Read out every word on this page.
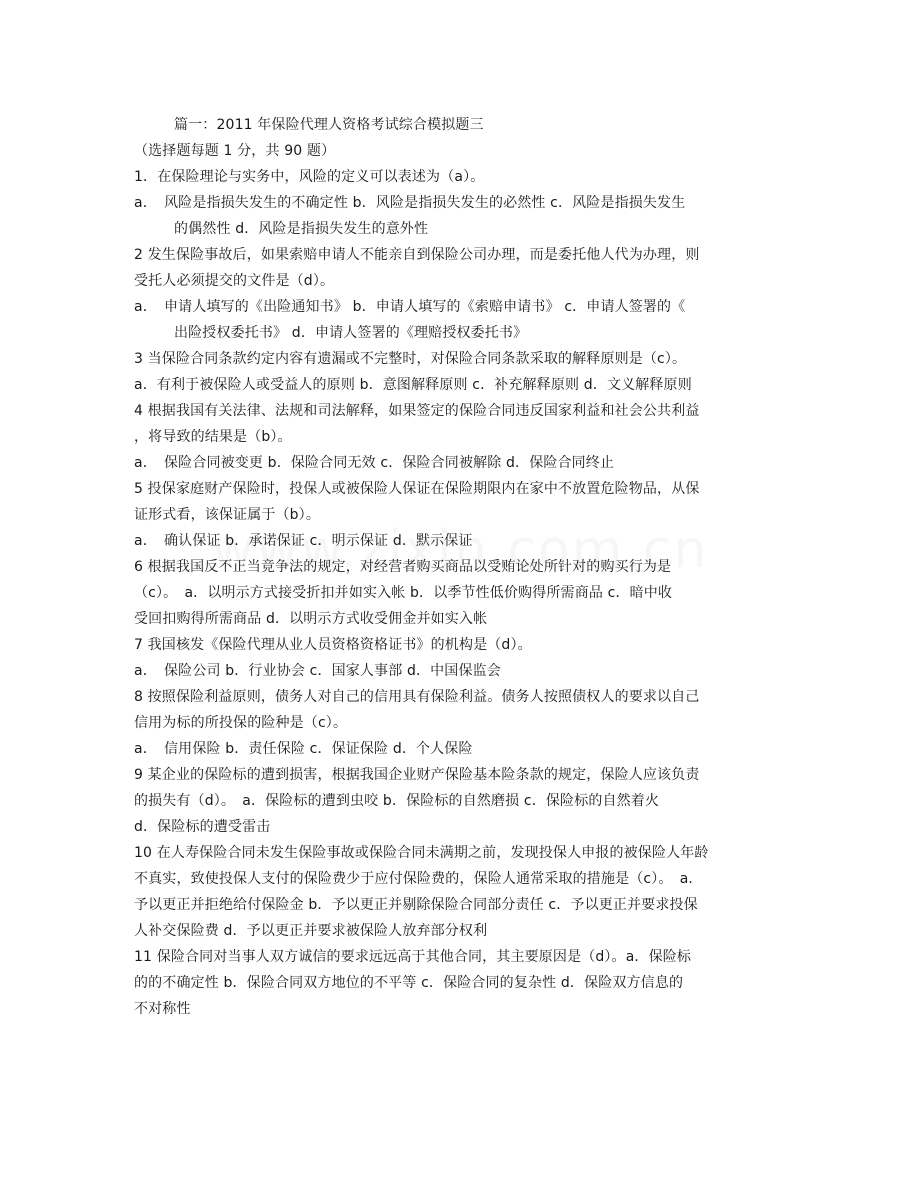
篇一：2011 年保险代理人资格考试综合模拟题三
（选择题每题 1 分，共 90 题）
1．在保险理论与实务中，风险的定义可以表述为（a）。
a．　风险是指损失发生的不确定性 b．风险是指损失发生的必然性 c．风险是指损失发生
的偶然性 d．风险是指损失发生的意外性
2 发生保险事故后，如果索赔申请人不能亲自到保险公司办理，而是委托他人代为办理，则
受托人必须提交的文件是（d）。
a．　申请人填写的《出险通知书》 b．申请人填写的《索赔申请书》 c．申请人签署的《
出险授权委托书》 d．申请人签署的《理赔授权委托书》
3 当保险合同条款约定内容有遗漏或不完整时，对保险合同条款采取的解释原则是（c）。
a．有利于被保险人或受益人的原则 b．意图解释原则 c．补充解释原则 d．文义解释原则
4 根据我国有关法律、法规和司法解释，如果签定的保险合同违反国家利益和社会公共利益
，将导致的结果是（b）。
a．　保险合同被变更 b．保险合同无效 c．保险合同被解除 d．保险合同终止
5 投保家庭财产保险时，投保人或被保险人保证在保险期限内在家中不放置危险物品，从保
证形式看，该保证属于（b）。
a．　确认保证 b．承诺保证 c．明示保证 d．默示保证
6 根据我国反不正当竞争法的规定，对经营者购买商品以受贿论处所针对的购买行为是
（c）。　a．以明示方式接受折扣并如实入帐 b．以季节性低价购得所需商品 c．暗中收
受回扣购得所需商品 d．以明示方式收受佣金并如实入帐
7 我国核发《保险代理从业人员资格资格证书》的机构是（d）。
a．　保险公司 b．行业协会 c．国家人事部 d．中国保监会
8 按照保险利益原则，债务人对自己的信用具有保险利益。债务人按照债权人的要求以自己
信用为标的所投保的险种是（c）。
a．　信用保险 b．责任保险 c．保证保险 d．个人保险
9 某企业的保险标的遭到损害，根据我国企业财产保险基本险条款的规定，保险人应该负责
的损失有（d）。　a．保险标的遭到虫咬 b．保险标的自然磨损 c．保险标的自然着火
d．保险标的遭受雷击
10 在人寿保险合同未发生保险事故或保险合同未满期之前，发现投保人申报的被保险人年龄
不真实，致使投保人支付的保险费少于应付保险费的，保险人通常采取的措施是（c）。　a．
予以更正并拒绝给付保险金 b．予以更正并剔除保险合同部分责任 c．予以更正并要求投保
人补交保险费 d．予以更正并要求被保险人放弃部分权利
11 保险合同对当事人双方诚信的要求远远高于其他合同，其主要原因是（d）。a．保险标
的的不确定性 b．保险合同双方地位的不平等 c．保险合同的复杂性 d．保险双方信息的
不对称性
